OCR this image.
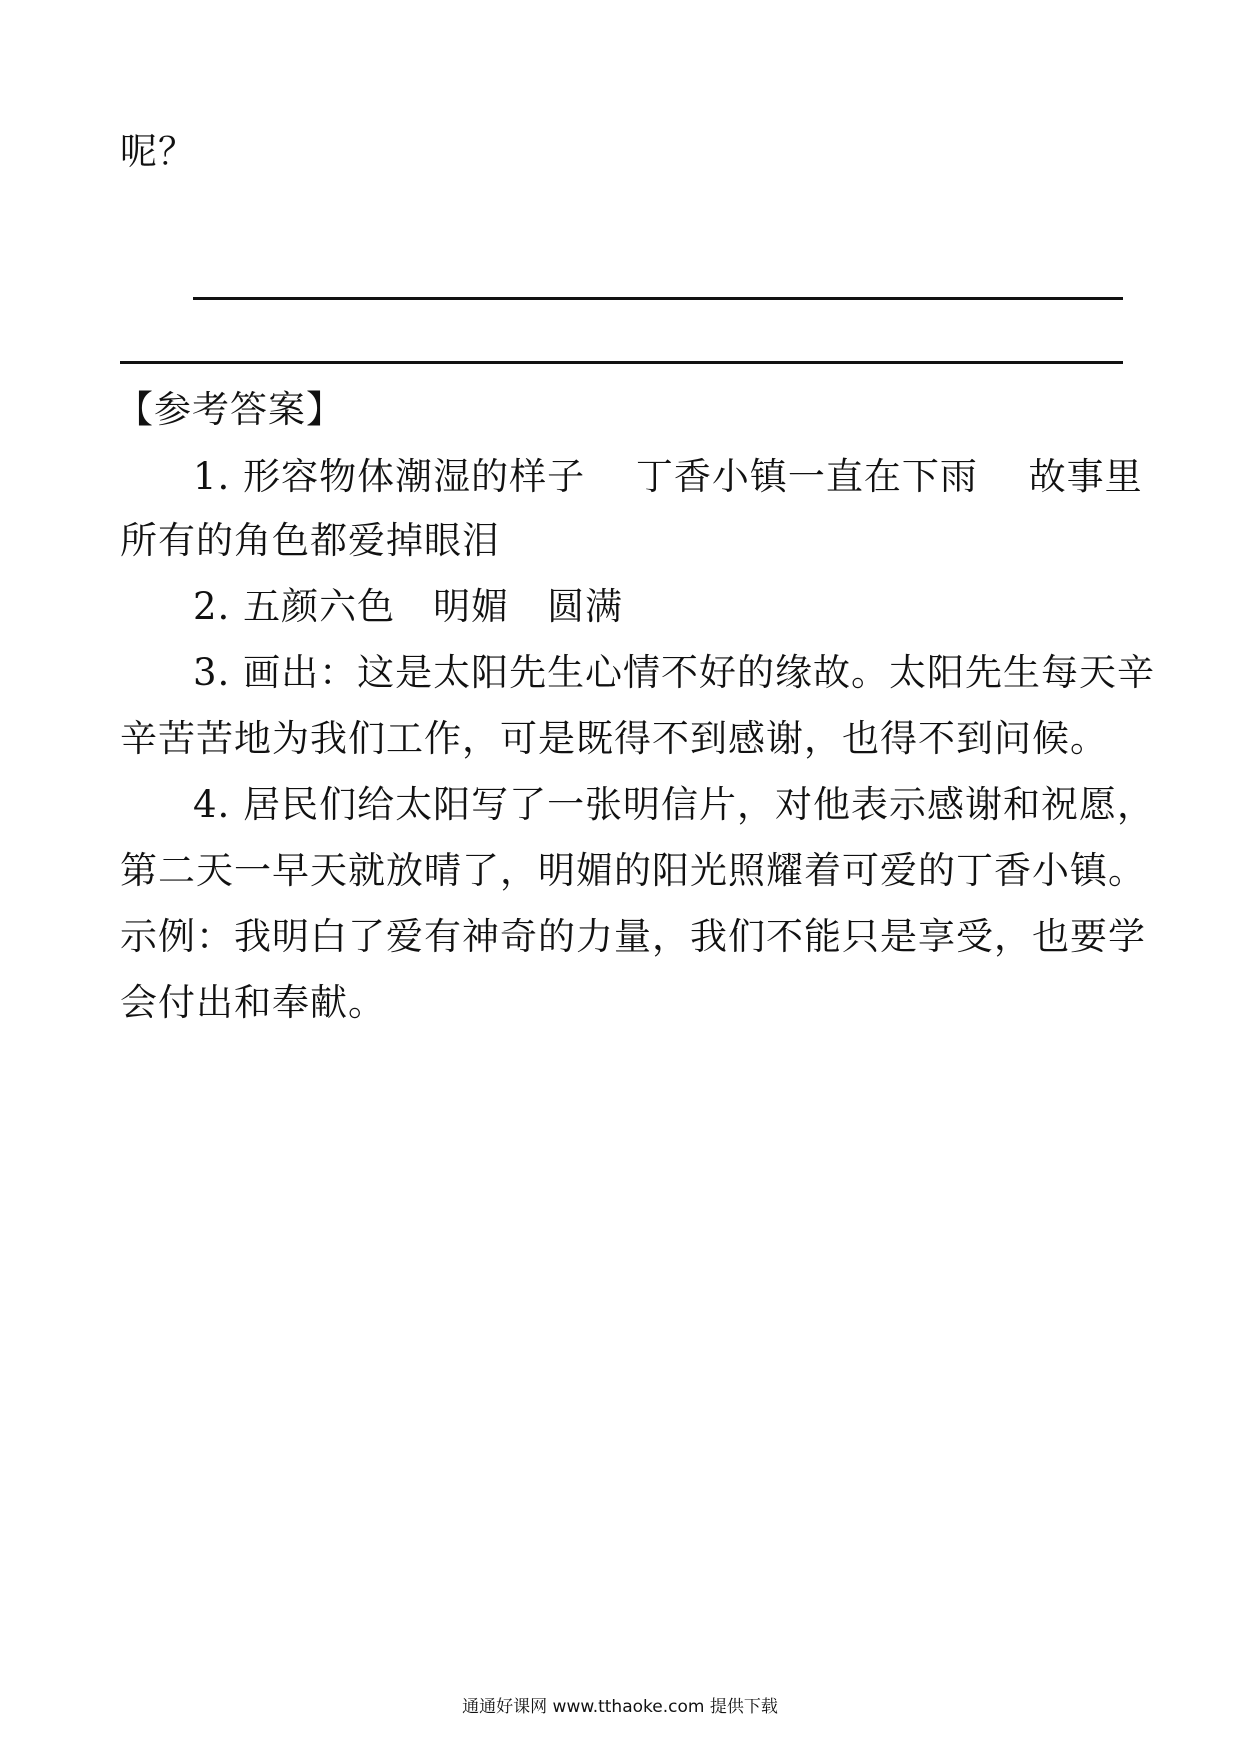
呢？
【参考答案】
1. 形容物体潮湿的样子　 丁香小镇一直在下雨　 故事里
所有的角色都爱掉眼泪
2. 五颜六色　明媚　圆满
3. 画出：这是太阳先生心情不好的缘故。太阳先生每天辛
辛苦苦地为我们工作，可是既得不到感谢，也得不到问候。
4. 居民们给太阳写了一张明信片，对他表示感谢和祝愿，
第二天一早天就放晴了，明媚的阳光照耀着可爱的丁香小镇。
示例：我明白了爱有神奇的力量，我们不能只是享受，也要学
会付出和奉献。
通通好课网 www.tthaoke.com 提供下载
